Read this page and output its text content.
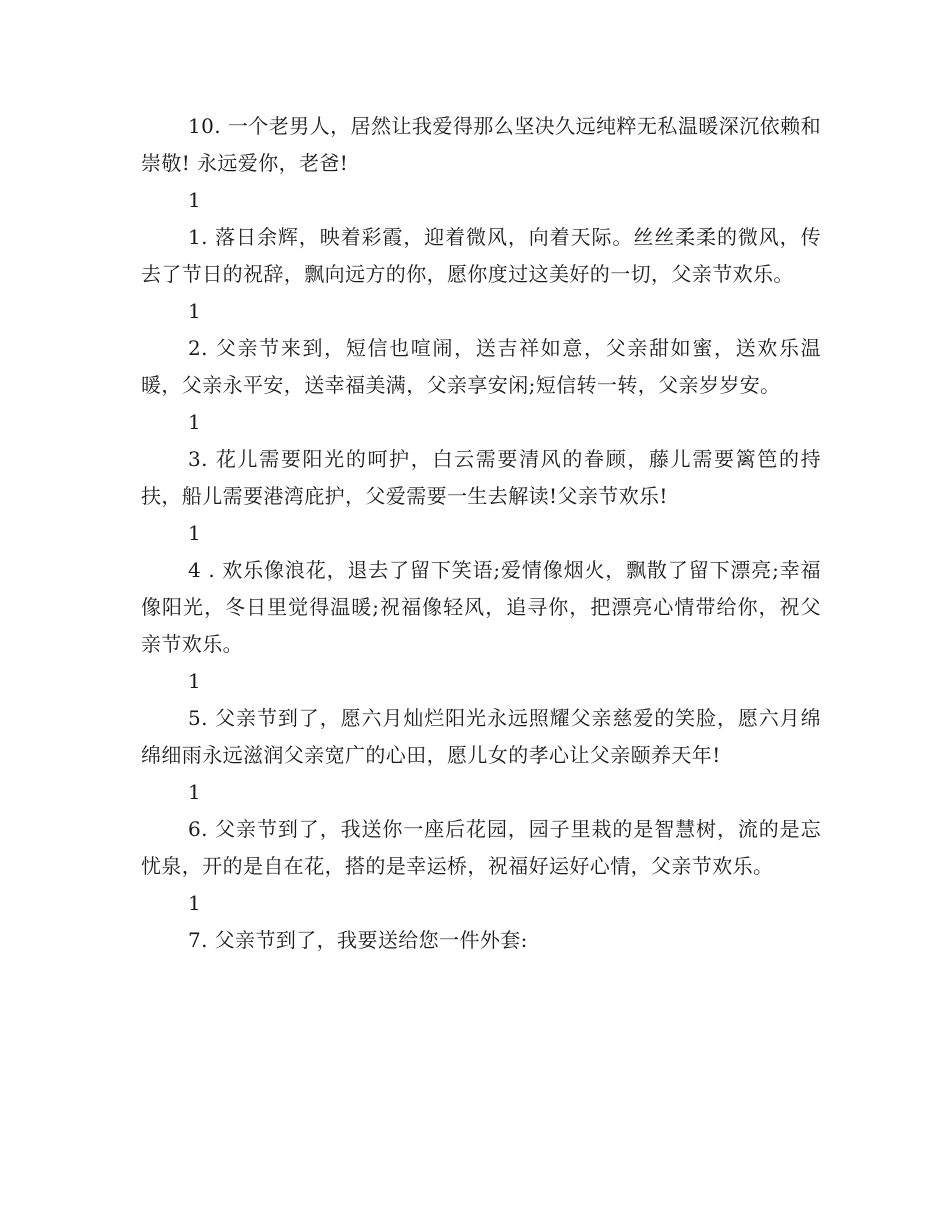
10. 一个老男人，居然让我爱得那么坚决久远纯粹无私温暖深沉依赖和崇敬! 永远爱你，老爸!

1

1. 落日余辉，映着彩霞，迎着微风，向着天际。丝丝柔柔的微风，传去了节日的祝辞，飘向远方的你，愿你度过这美好的一切，父亲节欢乐。

1

2. 父亲节来到，短信也喧闹，送吉祥如意，父亲甜如蜜，送欢乐温暖，父亲永平安，送幸福美满，父亲享安闲;短信转一转，父亲岁岁安。

1

3. 花儿需要阳光的呵护，白云需要清风的眷顾，藤儿需要篱笆的持扶，船儿需要港湾庇护，父爱需要一生去解读!父亲节欢乐!

1

4 . 欢乐像浪花，退去了留下笑语;爱情像烟火，飘散了留下漂亮;幸福像阳光，冬日里觉得温暖;祝福像轻风，追寻你，把漂亮心情带给你，祝父亲节欢乐。

1

5. 父亲节到了，愿六月灿烂阳光永远照耀父亲慈爱的笑脸，愿六月绵绵细雨永远滋润父亲宽广的心田，愿儿女的孝心让父亲颐养天年!

1

6. 父亲节到了，我送你一座后花园，园子里栽的是智慧树，流的是忘忧泉，开的是自在花，搭的是幸运桥，祝福好运好心情，父亲节欢乐。

1

7. 父亲节到了，我要送给您一件外套:
